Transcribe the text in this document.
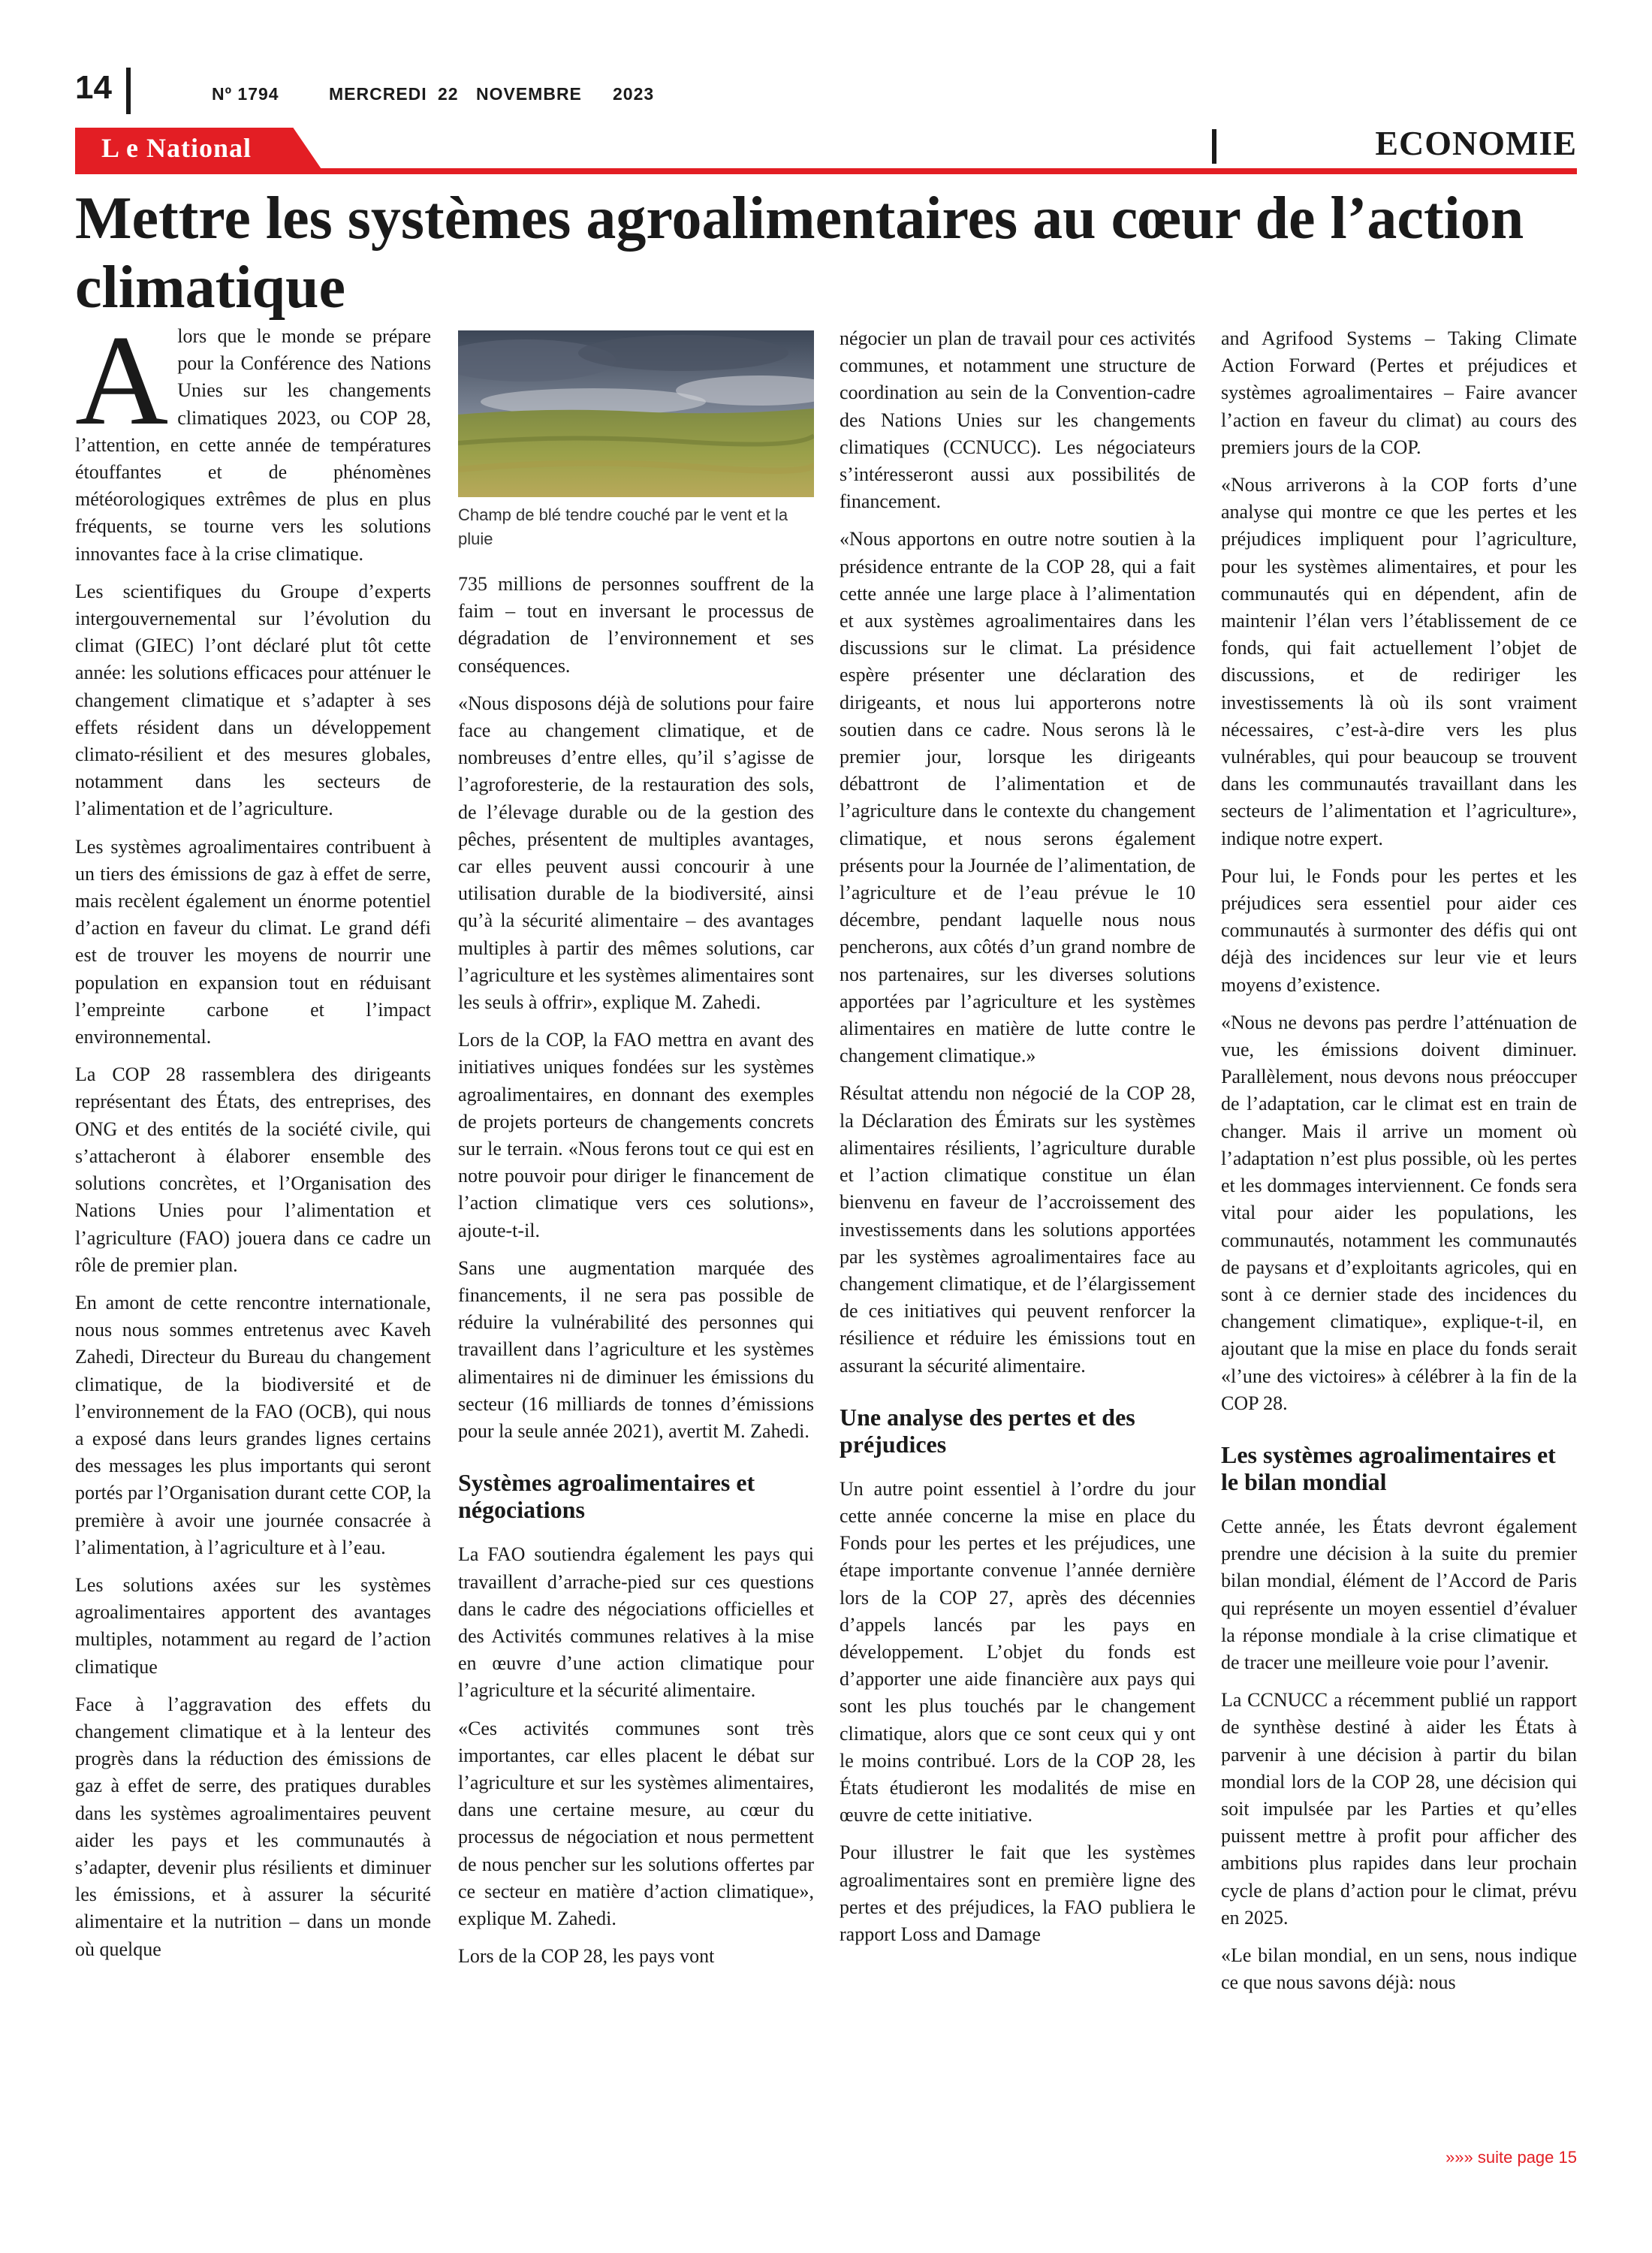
14	Nº 1794	MERCREDI 22 NOVEMBRE 2023
L e National	ECONOMIE
Mettre les systèmes agroalimentaires au cœur de l’action climatique

Alors que le monde se prépare pour la Conférence des Nations Unies sur les changements climatiques 2023, ou COP 28, l’attention, en cette année de températures étouffantes et de phénomènes météorologiques extrêmes de plus en plus fréquents, se tourne vers les solutions innovantes face à la crise climatique.

Les scientifiques du Groupe d’experts intergouvernemental sur l’évolution du climat (GIEC) l’ont déclaré plut tôt cette année: les solutions efficaces pour atténuer le changement climatique et s’adapter à ses effets résident dans un développement climato-résilient et des mesures globales, notamment dans les secteurs de l’alimentation et de l’agriculture.

Les systèmes agroalimentaires contribuent à un tiers des émissions de gaz à effet de serre, mais recèlent également un énorme potentiel d’action en faveur du climat. Le grand défi est de trouver les moyens de nourrir une population en expansion tout en réduisant l’empreinte carbone et l’impact environnemental.

La COP 28 rassemblera des dirigeants représentant des États, des entreprises, des ONG et des entités de la société civile, qui s’attacheront à élaborer ensemble des solutions concrètes, et l’Organisation des Nations Unies pour l’alimentation et l’agriculture (FAO) jouera dans ce cadre un rôle de premier plan.

En amont de cette rencontre internationale, nous nous sommes entretenus avec Kaveh Zahedi, Directeur du Bureau du changement climatique, de la biodiversité et de l’environnement de la FAO (OCB), qui nous a exposé dans leurs grandes lignes certains des messages les plus importants qui seront portés par l’Organisation durant cette COP, la première à avoir une journée consacrée à l’alimentation, à l’agriculture et à l’eau.

Les solutions axées sur les systèmes agroalimentaires apportent des avantages multiples, notamment au regard de l’action climatique

Face à l’aggravation des effets du changement climatique et à la lenteur des progrès dans la réduction des émissions de gaz à effet de serre, des pratiques durables dans les systèmes agroalimentaires peuvent aider les pays et les communautés à s’adapter, devenir plus résilients et diminuer les émissions, et à assurer la sécurité alimentaire et la nutrition – dans un monde où quelque

Champ de blé tendre couché par le vent et la pluie

735 millions de personnes souffrent de la faim – tout en inversant le processus de dégradation de l’environnement et ses conséquences.

«Nous disposons déjà de solutions pour faire face au changement climatique, et de nombreuses d’entre elles, qu’il s’agisse de l’agroforesterie, de la restauration des sols, de l’élevage durable ou de la gestion des pêches, présentent de multiples avantages, car elles peuvent aussi concourir à une utilisation durable de la biodiversité, ainsi qu’à la sécurité alimentaire – des avantages multiples à partir des mêmes solutions, car l’agriculture et les systèmes alimentaires sont les seuls à offrir», explique M. Zahedi.

Lors de la COP, la FAO mettra en avant des initiatives uniques fondées sur les systèmes agroalimentaires, en donnant des exemples de projets porteurs de changements concrets sur le terrain. «Nous ferons tout ce qui est en notre pouvoir pour diriger le financement de l’action climatique vers ces solutions», ajoute-t-il.

Sans une augmentation marquée des financements, il ne sera pas possible de réduire la vulnérabilité des personnes qui travaillent dans l’agriculture et les systèmes alimentaires ni de diminuer les émissions du secteur (16 milliards de tonnes d’émissions pour la seule année 2021), avertit M. Zahedi.

Systèmes agroalimentaires et négociations

La FAO soutiendra également les pays qui travaillent d’arrache-pied sur ces questions dans le cadre des négociations officielles et des Activités communes relatives à la mise en œuvre d’une action climatique pour l’agriculture et la sécurité alimentaire.

«Ces activités communes sont très importantes, car elles placent le débat sur l’agriculture et sur les systèmes alimentaires, dans une certaine mesure, au cœur du processus de négociation et nous permettent de nous pencher sur les solutions offertes par ce secteur en matière d’action climatique», explique M. Zahedi.

Lors de la COP 28, les pays vont

négocier un plan de travail pour ces activités communes, et notamment une structure de coordination au sein de la Convention-cadre des Nations Unies sur les changements climatiques (CCNUCC). Les négociateurs s’intéresseront aussi aux possibilités de financement.

«Nous apportons en outre notre soutien à la présidence entrante de la COP 28, qui a fait cette année une large place à l’alimentation et aux systèmes agroalimentaires dans les discussions sur le climat. La présidence espère présenter une déclaration des dirigeants, et nous lui apporterons notre soutien dans ce cadre. Nous serons là le premier jour, lorsque les dirigeants débattront de l’alimentation et de l’agriculture dans le contexte du changement climatique, et nous serons également présents pour la Journée de l’alimentation, de l’agriculture et de l’eau prévue le 10 décembre, pendant laquelle nous nous pencherons, aux côtés d’un grand nombre de nos partenaires, sur les diverses solutions apportées par l’agriculture et les systèmes alimentaires en matière de lutte contre le changement climatique.»

Résultat attendu non négocié de la COP 28, la Déclaration des Émirats sur les systèmes alimentaires résilients, l’agriculture durable et l’action climatique constitue un élan bienvenu en faveur de l’accroissement des investissements dans les solutions apportées par les systèmes agroalimentaires face au changement climatique, et de l’élargissement de ces initiatives qui peuvent renforcer la résilience et réduire les émissions tout en assurant la sécurité alimentaire.

Une analyse des pertes et des préjudices

Un autre point essentiel à l’ordre du jour cette année concerne la mise en place du Fonds pour les pertes et les préjudices, une étape importante convenue l’année dernière lors de la COP 27, après des décennies d’appels lancés par les pays en développement. L’objet du fonds est d’apporter une aide financière aux pays qui sont les plus touchés par le changement climatique, alors que ce sont ceux qui y ont le moins contribué. Lors de la COP 28, les États étudieront les modalités de mise en œuvre de cette initiative.

Pour illustrer le fait que les systèmes agroalimentaires sont en première ligne des pertes et des préjudices, la FAO publiera le rapport Loss and Damage

and Agrifood Systems – Taking Climate Action Forward (Pertes et préjudices et systèmes agroalimentaires – Faire avancer l’action en faveur du climat) au cours des premiers jours de la COP.

«Nous arriverons à la COP forts d’une analyse qui montre ce que les pertes et les préjudices impliquent pour l’agriculture, pour les systèmes alimentaires, et pour les communautés qui en dépendent, afin de maintenir l’élan vers l’établissement de ce fonds, qui fait actuellement l’objet de discussions, et de rediriger les investissements là où ils sont vraiment nécessaires, c’est-à-dire vers les plus vulnérables, qui pour beaucoup se trouvent dans les communautés travaillant dans les secteurs de l’alimentation et l’agriculture», indique notre expert.

Pour lui, le Fonds pour les pertes et les préjudices sera essentiel pour aider ces communautés à surmonter des défis qui ont déjà des incidences sur leur vie et leurs moyens d’existence.

«Nous ne devons pas perdre l’atténuation de vue, les émissions doivent diminuer. Parallèlement, nous devons nous préoccuper de l’adaptation, car le climat est en train de changer. Mais il arrive un moment où l’adaptation n’est plus possible, où les pertes et les dommages interviennent. Ce fonds sera vital pour aider les populations, les communautés, notamment les communautés de paysans et d’exploitants agricoles, qui en sont à ce dernier stade des incidences du changement climatique», explique-t-il, en ajoutant que la mise en place du fonds serait «l’une des victoires» à célébrer à la fin de la COP 28.

Les systèmes agroalimentaires et le bilan mondial

Cette année, les États devront également prendre une décision à la suite du premier bilan mondial, élément de l’Accord de Paris qui représente un moyen essentiel d’évaluer la réponse mondiale à la crise climatique et de tracer une meilleure voie pour l’avenir.

La CCNUCC a récemment publié un rapport de synthèse destiné à aider les États à parvenir à une décision à partir du bilan mondial lors de la COP 28, une décision qui soit impulsée par les Parties et qu’elles puissent mettre à profit pour afficher des ambitions plus rapides dans leur prochain cycle de plans d’action pour le climat, prévu en 2025.

«Le bilan mondial, en un sens, nous indique ce que nous savons déjà: nous

»»» suite page 15
